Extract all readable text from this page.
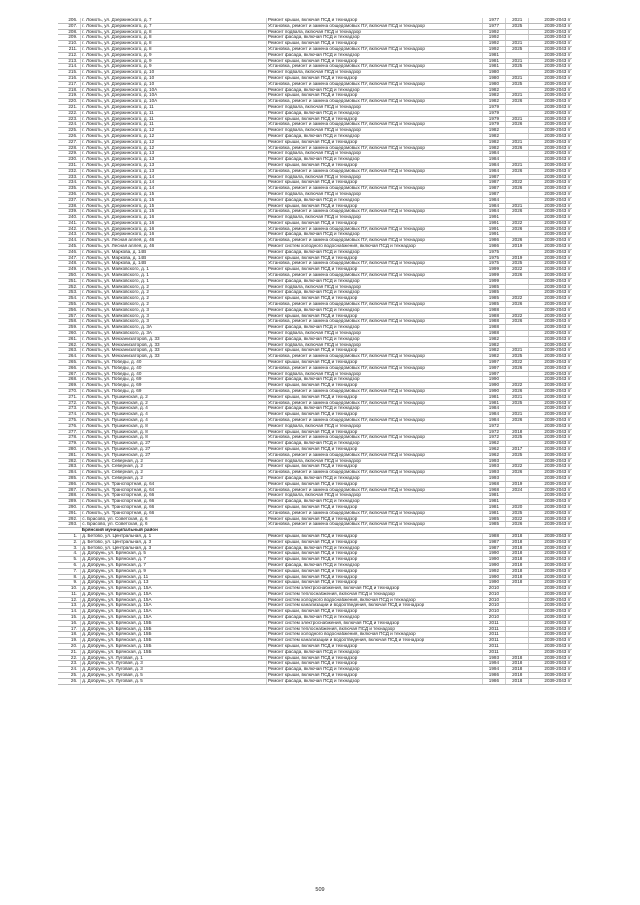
206.	г. Ломоть, ул. Дзержинского, д. 7	Ремонт крыши, включая ПСД и технадзор	1977	2021	2039-2043 гг
207.	г. Ломоть, ул. Дзержинского, д. 7	Установка, ремонт и замена общедомовых ПУ, включая ПСД и технадзор	1977	2025	2039-2043 гг
208.	г. Ломоть, ул. Дзержинского, д. 8	Ремонт подвала, включая ПСД и технадзор	1992		2039-2043 гг
209.	г. Ломоть, ул. Дзержинского, д. 8	Ремонт фасада, включая ПСД и технадзор	1992		2039-2043 гг
210.	г. Ломоть, ул. Дзержинского, д. 8	Ремонт крыши, включая ПСД и технадзор	1992	2021	2039-2043 гг
211.	г. Ломоть, ул. Дзержинского, д. 8	Установка, ремонт и замена общедомовых ПУ, включая ПСД и технадзор	1992	2025	2039-2043 гг
212.	г. Ломоть, ул. Дзержинского, д. 9	Ремонт фасада, включая ПСД и технадзор	1981		2039-2043 гг
213.	г. Ломоть, ул. Дзержинского, д. 9	Ремонт крыши, включая ПСД и технадзор	1981	2021	2039-2043 гг
214.	г. Ломоть, ул. Дзержинского, д. 9	Установка, ремонт и замена общедомовых ПУ, включая ПСД и технадзор	1981	2025	2039-2043 гг
215.	г. Ломоть, ул. Дзержинского, д. 10	Ремонт подвала, включая ПСД и технадзор	1980		2039-2043 гг
216.	г. Ломоть, ул. Дзержинского, д. 10	Ремонт крыши, включая ПСД и технадзор	1980	2021	2039-2043 гг
217.	г. Ломоть, ул. Дзержинского, д. 10	Установка, ремонт и замена общедомовых ПУ, включая ПСД и технадзор	1980	2025	2039-2043 гг
218.	г. Ломоть, ул. Дзержинского, д. 10А	Ремонт фасада, включая ПСД и технадзор	1982		2039-2043 гг
219.	г. Ломоть, ул. Дзержинского, д. 10А	Ремонт крыши, включая ПСД и технадзор	1982	2021	2039-2043 гг
220.	г. Ломоть, ул. Дзержинского, д. 10А	Установка, ремонт и замена общедомовых ПУ, включая ПСД и технадзор	1982	2026	2039-2043 гг
221.	г. Ломоть, ул. Дзержинского, д. 11	Ремонт подвала, включая ПСД и технадзор	1979		2039-2043 гг
222.	г. Ломоть, ул. Дзержинского, д. 11	Ремонт фасада, включая ПСД и технадзор	1979		2039-2043 гг
223.	г. Ломоть, ул. Дзержинского, д. 11	Ремонт крыши, включая ПСД и технадзор	1979	2021	2039-2043 гг
224.	г. Ломоть, ул. Дзержинского, д. 11	Установка, ремонт и замена общедомовых ПУ, включая ПСД и технадзор	1979	2026	2039-2043 гг
225.	г. Ломоть, ул. Дзержинского, д. 12	Ремонт подвала, включая ПСД и технадзор	1982		2039-2043 гг
226.	г. Ломоть, ул. Дзержинского, д. 12	Ремонт фасада, включая ПСД и технадзор	1982		2039-2043 гг
227.	г. Ломоть, ул. Дзержинского, д. 12	Ремонт крыши, включая ПСД и технадзор	1982	2021	2039-2043 гг
228.	г. Ломоть, ул. Дзержинского, д. 12	Установка, ремонт и замена общедомовых ПУ, включая ПСД и технадзор	1982	2026	2039-2043 гг
229.	г. Ломоть, ул. Дзержинского, д. 13	Ремонт подвала, включая ПСД и технадзор	1984		2039-2043 гг
230.	г. Ломоть, ул. Дзержинского, д. 13	Ремонт фасада, включая ПСД и технадзор	1984		2039-2043 гг
231.	г. Ломоть, ул. Дзержинского, д. 13	Ремонт крыши, включая ПСД и технадзор	1984	2021	2039-2043 гг
232.	г. Ломоть, ул. Дзержинского, д. 13	Установка, ремонт и замена общедомовых ПУ, включая ПСД и технадзор	1984	2026	2039-2043 гг
233.	г. Ломоть, ул. Дзержинского, д. 14	Ремонт подвала, включая ПСД и технадзор	1987		2039-2043 гг
234.	г. Ломоть, ул. Дзержинского, д. 14	Ремонт крыши, включая ПСД и технадзор	1987	2022	2039-2043 гг
235.	г. Ломоть, ул. Дзержинского, д. 14	Установка, ремонт и замена общедомовых ПУ, включая ПСД и технадзор	1987	2026	2039-2043 гг
236.	г. Ломоть, ул. Дзержинского, д. 15	Ремонт подвала, включая ПСД и технадзор	1987		2039-2043 гг
237.	г. Ломоть, ул. Дзержинского, д. 15	Ремонт фасада, включая ПСД и технадзор	1984		2039-2043 гг
238.	г. Ломоть, ул. Дзержинского, д. 15	Ремонт крыши, включая ПСД и технадзор	1984	2021	2039-2043 гг
239.	г. Ломоть, ул. Дзержинского, д. 15	Установка, ремонт и замена общедомовых ПУ, включая ПСД и технадзор	1984	2026	2039-2043 гг
240.	г. Ломоть, ул. Дзержинского, д. 16	Ремонт подвала, включая ПСД и технадзор	1991		2039-2043 гг
241.	г. Ломоть, ул. Дзержинского, д. 16	Ремонт крыши, включая ПСД и технадзор	1991	2022	2039-2043 гг
242.	г. Ломоть, ул. Дзержинского, д. 16	Установка, ремонт и замена общедомовых ПУ, включая ПСД и технадзор	1991	2026	2039-2043 гг
243.	г. Ломоть, ул. Дзержинского, д. 16	Ремонт фасада, включая ПСД и технадзор	1991		2039-2043 гг
244.	г. Ломоть, ул. Лесная аллея, д. 46	Установка, ремонт и замена общедомовых ПУ, включая ПСД и технадзор	1986	2026	2039-2043 гг
245.	г. Ломоть, ул. Лесная аллея, д. 46	Ремонт систем холодного водоснабжения, включая ПСД и технадзор	1986	2019	2039-2043 гг
246.	г. Ломоть, ул. Маркова, д. 14В	Ремонт фасада, включая ПСД и технадзор	1975		2039-2043 гг
247.	г. Ломоть, ул. Маркова, д. 14В	Ремонт крыши, включая ПСД и технадзор	1975	2019	2039-2043 гг
248.	г. Ломоть, ул. Маркова, д. 14В	Установка, ремонт и замена общедомовых ПУ, включая ПСД и технадзор	1975	2025	2039-2043 гг
249.	г. Ломоть, ул. Маяковского, д. 1	Ремонт крыши, включая ПСД и технадзор	1999	2022	2039-2043 гг
250.	г. Ломоть, ул. Маяковского, д. 1	Установка, ремонт и замена общедомовых ПУ, включая ПСД и технадзор	1999	2026	2039-2043 гг
251.	г. Ломоть, ул. Маяковского, д. 1	Ремонт фасада, включая ПСД и технадзор	1999		2039-2043 гг
252.	г. Ломоть, ул. Маяковского, д. 2	Ремонт подвала, включая ПСД и технадзор	1985		2039-2043 гг
253.	г. Ломоть, ул. Маяковского, д. 2	Ремонт фасада, включая ПСД и технадзор	1985		2039-2043 гг
254.	г. Ломоть, ул. Маяковского, д. 2	Ремонт крыши, включая ПСД и технадзор	1985	2022	2039-2043 гг
255.	г. Ломоть, ул. Маяковского, д. 2	Установка, ремонт и замена общедомовых ПУ, включая ПСД и технадзор	1985	2026	2039-2043 гг
256.	г. Ломоть, ул. Маяковского, д. 3	Ремонт фасада, включая ПСД и технадзор	1988		2039-2043 гг
257.	г. Ломоть, ул. Маяковского, д. 3	Ремонт крыши, включая ПСД и технадзор	1988	2022	2039-2043 гг
258.	г. Ломоть, ул. Маяковского, д. 3	Установка, ремонт и замена общедомовых ПУ, включая ПСД и технадзор	1988	2026	2039-2043 гг
259.	г. Ломоть, ул. Маяковского, д. 3А	Ремонт фасада, включая ПСД и технадзор	1988		2039-2043 гг
260.	г. Ломоть, ул. Маяковского, д. 3А	Ремонт подвала, включая ПСД и технадзор	1988		2039-2043 гг
261.	г. Ломоть, ул. Мекханизаторов, д. 33	Ремонт фасада, включая ПСД и технадзор	1982		2039-2043 гг
262.	г. Ломоть, ул. Мекханизаторов, д. 33	Ремонт подвала, включая ПСД и технадзор	1982		2039-2043 гг
263.	г. Ломоть, ул. Мекханизаторов, д. 33	Ремонт крыши, включая ПСД и технадзор	1982	2021	2039-2043 гг
264.	г. Ломоть, ул. Мекханизаторов, д. 33	Установка, ремонт и замена общедомовых ПУ, включая ПСД и технадзор	1982	2025	2039-2043 гг
265.	г. Ломоть, ул. Победы, д. 40	Ремонт крыши, включая ПСД и технадзор	1997	2022	2039-2043 гг
266.	г. Ломоть, ул. Победы, д. 40	Установка, ремонт и замена общедомовых ПУ, включая ПСД и технадзор	1997	2026	2039-2043 гг
267.	г. Ломоть, ул. Победы, д. 40	Ремонт подвала, включая ПСД и технадзор	1997		2039-2043 гг
268.	г. Ломоть, ул. Победы, д. 69	Ремонт фасада, включая ПСД и технадзор	1990		2039-2043 гг
269.	г. Ломоть, ул. Победы, д. 69	Ремонт крыши, включая ПСД и технадзор	1990	2022	2039-2043 гг
270.	г. Ломоть, ул. Победы, д. 69	Установка, ремонт и замена общедомовых ПУ, включая ПСД и технадзор	1990	2026	2039-2043 гг
271.	г. Ломоть, ул. Пушкинская, д. 2	Ремонт крыши, включая ПСД и технадзор	1981	2021	2039-2043 гг
272.	г. Ломоть, ул. Пушкинская, д. 2	Установка, ремонт и замена общедомовых ПУ, включая ПСД и технадзор	1981	2025	2039-2043 гг
273.	г. Ломоть, ул. Пушкинская, д. 4	Ремонт фасада, включая ПСД и технадзор	1984		2039-2043 гг
274.	г. Ломоть, ул. Пушкинская, д. 4	Ремонт крыши, включая ПСД и технадзор	1984	2021	2039-2043 гг
275.	г. Ломоть, ул. Пушкинская, д. 4	Установка, ремонт и замена общедомовых ПУ, включая ПСД и технадзор	1984	2026	2039-2043 гг
276.	г. Ломоть, ул. Пушкинская, д. 8	Ремонт подвала, включая ПСД и технадзор	1972		2039-2043 гг
277.	г. Ломоть, ул. Пушкинская, д. 8	Ремонт крыши, включая ПСД и технадзор	1972	2018	2039-2043 гг
278.	г. Ломоть, ул. Пушкинская, д. 8	Установка, ремонт и замена общедомовых ПУ, включая ПСД и технадзор	1972	2025	2039-2043 гг
279.	г. Ломоть, ул. Пушкинская, д. 27	Ремонт фасада, включая ПСД и технадзор	1962		2039-2043 гг
280.	г. Ломоть, ул. Пушкинская, д. 27	Ремонт крыши, включая ПСД и технадзор	1962	2017	2039-2043 гг
281.	г. Ломоть, ул. Пушкинская, д. 27	Установка, ремонт и замена общедомовых ПУ, включая ПСД и технадзор	1962	2025	2039-2043 гг
282.	г. Ломоть, ул. Северная, д. 2	Ремонт подвала, включая ПСД и технадзор	1993		2039-2043 гг
283.	г. Ломоть, ул. Северная, д. 2	Ремонт крыши, включая ПСД и технадзор	1993	2022	2039-2043 гг
284.	г. Ломоть, ул. Северная, д. 2	Установка, ремонт и замена общедомовых ПУ, включая ПСД и технадзор	1993	2026	2039-2043 гг
285.	г. Ломоть, ул. Северная, д. 2	Ремонт фасада, включая ПСД и технадзор	1993		2039-2043 гг
286.	г. Ломоть, ул. Транспортная, д. 64	Ремонт крыши, включая ПСД и технадзор	1968	2019	2039-2043 гг
287.	г. Ломоть, ул. Транспортная, д. 64	Установка, ремонт и замена общедомовых ПУ, включая ПСД и технадзор	1968	2024	2039-2043 гг
288.	г. Ломоть, ул. Транспортная, д. 66	Ремонт подвала, включая ПСД и технадзор	1981		2039-2043 гг
289.	г. Ломоть, ул. Транспортная, д. 66	Ремонт фасада, включая ПСД и технадзор	1981		2039-2043 гг
290.	г. Ломоть, ул. Транспортная, д. 66	Ремонт крыши, включая ПСД и технадзор	1981	2020	2039-2043 гг
291.	г. Ломоть, ул. Транспортная, д. 66	Установка, ремонт и замена общедомовых ПУ, включая ПСД и технадзор	1981	2025	2039-2043 гг
292.	с. Брасово, ул. Советская, д. 6	Ремонт крыши, включая ПСД и технадзор	1985	2022	2039-2043 гг
293.	с. Брасово, ул. Советская, д. 6	Установка, ремонт и замена общедомовых ПУ, включая ПСД и технадзор	1985	2026	2039-2043 гг
	Брянский муниципальный район				
1.	д. Бетово, ул. Центральная, д. 1	Ремонт крыши, включая ПСД и технадзор	1988	2018	2039-2043 гг
2.	д. Бетово, ул. Центральная, д. 3	Ремонт крыши, включая ПСД и технадзор	1987	2018	2039-2043 гг
3.	д. Бетово, ул. Центральная, д. 3	Ремонт фасада, включая ПСД и технадзор	1987	2018	2039-2043 гг
4.	д. Добрунь, ул. Брянская, д. 5	Ремонт крыши, включая ПСД и технадзор	1990	2018	2039-2043 гг
5.	д. Добрунь, ул. Брянская, д. 7	Ремонт крыши, включая ПСД и технадзор	1990	2018	2039-2043 гг
6.	д. Добрунь, ул. Брянская, д. 7	Ремонт фасада, включая ПСД и технадзор	1990	2018	2039-2043 гг
7.	д. Добрунь, ул. Брянская, д. 9	Ремонт крыши, включая ПСД и технадзор	1992	2018	2039-2043 гг
8.	д. Добрунь, ул. Брянская, д. 11	Ремонт крыши, включая ПСД и технадзор	1990	2018	2039-2043 гг
9.	д. Добрунь, ул. Брянская, д. 13	Ремонт крыши, включая ПСД и технадзор	1990	2018	2039-2043 гг
10.	д. Добрунь, ул. Брянская, д. 15А	Ремонт систем электроснабжения, включая ПСД и технадзор	2010		2039-2043 гг
11.	д. Добрунь, ул. Брянская, д. 15А	Ремонт систем теплоснабжения, включая ПСД и технадзор	2010		2039-2043 гг
12.	д. Добрунь, ул. Брянская, д. 15А	Ремонт систем холодного водоснабжения, включая ПСД и технадзор	2010		2039-2043 гг
13.	д. Добрунь, ул. Брянская, д. 15А	Ремонт систем канализации и водоотведения, включая ПСД и технадзор	2010		2039-2043 гг
14.	д. Добрунь, ул. Брянская, д. 15А	Ремонт крыши, включая ПСД и технадзор	2010		2039-2043 гг
15.	д. Добрунь, ул. Брянская, д. 15А	Ремонт фасада, включая ПСД и технадзор	2010		2039-2043 гг
16.	д. Добрунь, ул. Брянская, д. 15Б	Ремонт систем электроснабжения, включая ПСД и технадзор	2011		2039-2043 гг
17.	д. Добрунь, ул. Брянская, д. 15Б	Ремонт систем теплоснабжения, включая ПСД и технадзор	2011		2039-2043 гг
18.	д. Добрунь, ул. Брянская, д. 15Б	Ремонт систем холодного водоснабжения, включая ПСД и технадзор	2011		2039-2043 гг
19.	д. Добрунь, ул. Брянская, д. 15Б	Ремонт систем канализации и водоотведения, включая ПСД и технадзор	2011		2039-2043 гг
20.	д. Добрунь, ул. Брянская, д. 15Б	Ремонт крыши, включая ПСД и технадзор	2011		2039-2043 гг
21.	д. Добрунь, ул. Брянская, д. 15Б	Ремонт фасада, включая ПСД и технадзор	2011		2039-2043 гг
22.	д. Добрунь, ул. Луговая, д. 1	Ремонт крыши, включая ПСД и технадзор	1993	2018	2039-2043 гг
23.	д. Добрунь, ул. Луговая, д. 3	Ремонт крыши, включая ПСД и технадзор	1994	2018	2039-2043 гг
24.	д. Добрунь, ул. Луговая, д. 3	Ремонт фасада, включая ПСД и технадзор	1994	2018	2039-2043 гг
25.	д. Добрунь, ул. Луговая, д. 5	Ремонт крыши, включая ПСД и технадзор	1986	2018	2039-2043 гг
26.	д. Добрунь, ул. Луговая, д. 5	Ремонт фасада, включая ПСД и технадзор	1986	2018	2039-2043 гг
509
